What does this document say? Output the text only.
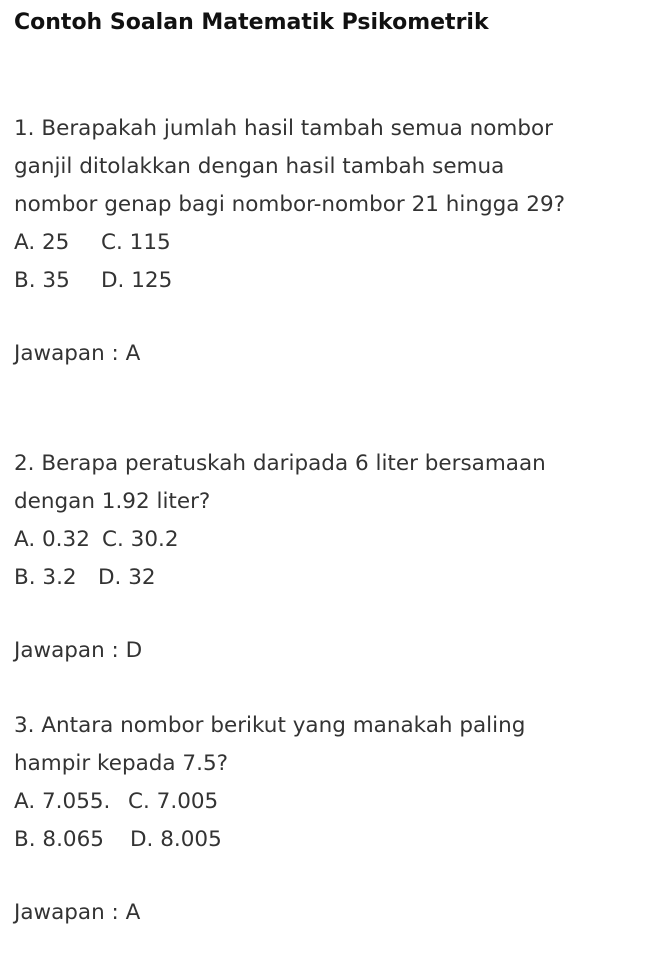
Contoh Soalan Matematik Psikometrik
1. Berapakah jumlah hasil tambah semua nombor
ganjil ditolakkan dengan hasil tambah semua
nombor genap bagi nombor-nombor 21 hingga 29?
A. 25	C. 115
B. 35	D. 125
Jawapan : A
2. Berapa peratuskah daripada 6 liter bersamaan
dengan 1.92 liter?
A. 0.32 C. 30.2
B. 3.2 D. 32
Jawapan : D
3. Antara nombor berikut yang manakah paling
hampir kepada 7.5?
A. 7.055. C. 7.005
B. 8.065	D. 8.005
Jawapan : A
